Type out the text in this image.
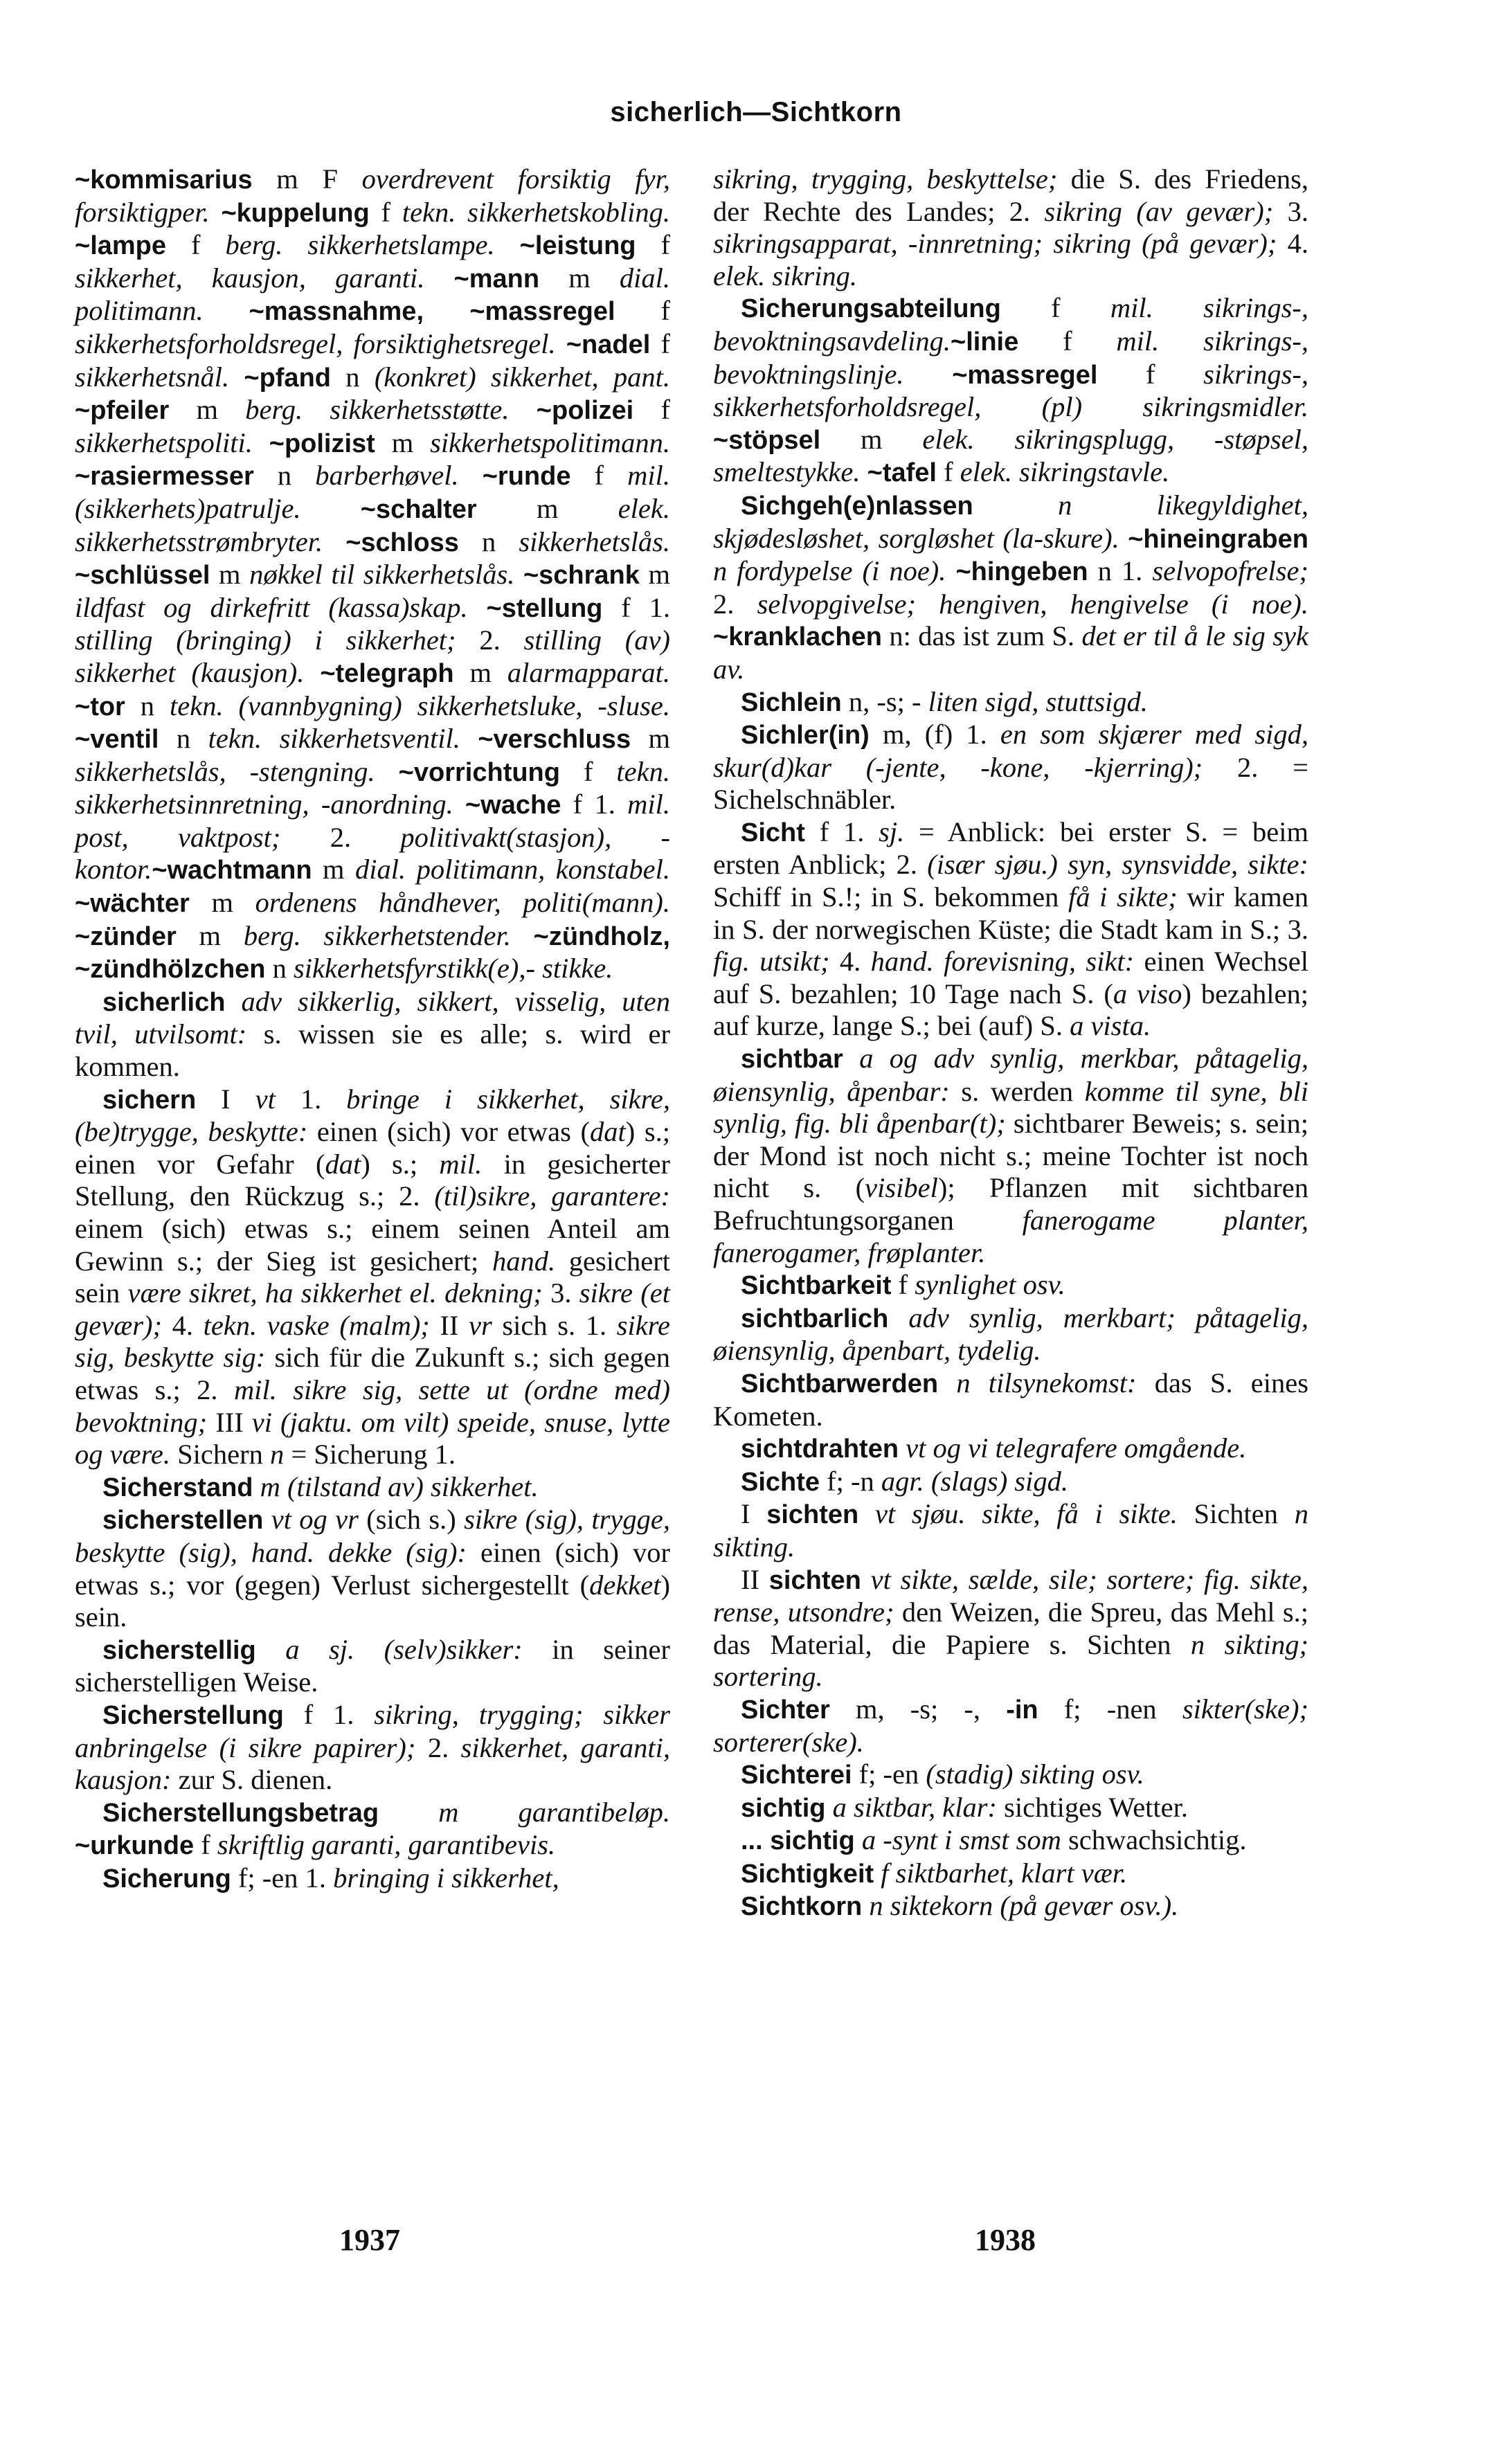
sicherlich—Sichtkorn

~kommisarius m F overdrevent forsiktig fyr, forsiktigper. ~kuppelung f tekn. sikkerhetskobling. ~lampe f berg. sikkerhetslampe. ~leistung f sikkerhet, kausjon, garanti. ~mann m dial. politimann. ~massnahme, ~massregel f sikkerhetsforholdsregel, forsiktighetsregel. ~nadel f sikkerhetsnål. ~pfand n (konkret) sikkerhet, pant. ~pfeiler m berg. sikkerhetsstøtte. ~polizei f sikkerhetspoliti. ~polizist m sikkerhetspolitimann. ~rasiermesser n barberhøvel. ~runde f mil. (sikkerhets)patrulje. ~schalter m elek. sikkerhetsstrømbryter. ~schloss n sikkerhetslås. ~schlüssel m nøkkel til sikkerhetslås. ~schrank m ildfast og dirkefritt (kassa)skap. ~stellung f 1. stilling (bringing) i sikkerhet; 2. stilling (av) sikkerhet (kausjon). ~telegraph m alarmapparat. ~tor n tekn. (vannbygning) sikkerhetsluke, -sluse. ~ventil n tekn. sikkerhetsventil. ~verschluss m sikkerhetslås, -stengning. ~vorrichtung f tekn. sikkerhetsinnretning, -anordning. ~wache f 1. mil. post, vaktpost; 2. politivakt(stasjon), -kontor.~wachtmann m dial. politimann, konstabel. ~wächter m ordenens håndhever, politi(mann). ~zünder m berg. sikkerhetstender. ~zündholz, ~zündhölzchen n sikkerhetsfyrstikk(e),- stikke.

sicherlich adv sikkerlig, sikkert, visselig, uten tvil, utvilsomt: s. wissen sie es alle; s. wird er kommen.

sichern I vt 1. bringe i sikkerhet, sikre, (be)trygge, beskytte: einen (sich) vor etwas (dat) s.; einen vor Gefahr (dat) s.; mil. in gesicherter Stellung, den Rückzug s.; 2. (til)sikre, garantere: einem (sich) etwas s.; einem seinen Anteil am Gewinn s.; der Sieg ist gesichert; hand. gesichert sein være sikret, ha sikkerhet el. dekning; 3. sikre (et gevær); 4. tekn. vaske (malm); II vr sich s. 1. sikre sig, beskytte sig: sich für die Zukunft s.; sich gegen etwas s.; 2. mil. sikre sig, sette ut (ordne med) bevoktning; III vi (jaktu. om vilt) speide, snuse, lytte og være. Sichern n = Sicherung 1.

Sicherstand m (tilstand av) sikkerhet.

sicherstellen vt og vr (sich s.) sikre (sig), trygge, beskytte (sig), hand. dekke (sig): einen (sich) vor etwas s.; vor (gegen) Verlust sichergestellt (dekket) sein.

sicherstellig a sj. (selv)sikker: in seiner sicherstelligen Weise.

Sicherstellung f 1. sikring, trygging; sikker anbringelse (i sikre papirer); 2. sikkerhet, garanti, kausjon: zur S. dienen.

Sicherstellungsbetrag m garantibeløp. ~urkunde f skriftlig garanti, garantibevis.

Sicherung f; -en 1. bringing i sikkerhet,

sikring, trygging, beskyttelse; die S. des Friedens, der Rechte des Landes; 2. sikring (av gevær); 3. sikringsapparat, -innretning; sikring (på gevær); 4. elek. sikring.

Sicherungsabteilung f mil. sikrings-, bevoktningsavdeling.~linie f mil. sikrings-, bevoktningslinje. ~massregel f sikrings-, sikkerhetsforholdsregel, (pl) sikringsmidler. ~stöpsel m elek. sikringsplugg, -støpsel, smeltestykke. ~tafel f elek. sikringstavle.

Sichgeh(e)nlassen	n likegyldighet, skjødesløshet, sorgløshet (la-skure). ~hineingraben n fordypelse (i noe). ~hingeben n 1. selvopofrelse; 2. selvopgivelse; hengiven, hengivelse (i noe). ~kranklachen n: das ist zum S. det er til å le sig syk av.

Sichlein n, -s; - liten sigd, stuttsigd.

Sichler(in) m, (f) 1. en som skjærer med sigd, skur(d)kar (-jente, -kone, -kjerring); 2. = Sichelschnäbler.

Sicht f 1. sj. = Anblick: bei erster S. = beim ersten Anblick; 2. (især sjøu.) syn, synsvidde, sikte: Schiff in S.!; in S. bekommen få i sikte; wir kamen in S. der norwegischen Küste; die Stadt kam in S.; 3. fig. utsikt; 4. hand. forevisning, sikt: einen Wechsel auf S. bezahlen; 10 Tage nach S. (a viso) bezahlen; auf kurze, lange S.; bei (auf) S. a vista.

sichtbar a og adv synlig, merkbar, påtagelig, øiensynlig, åpenbar: s. werden komme til syne, bli synlig, fig. bli åpenbar(t); sichtbarer Beweis; s. sein; der Mond ist noch nicht s.; meine Tochter ist noch nicht s. (visibel); Pflanzen mit sichtbaren Befruchtungsorganen fanerogame planter, fanerogamer, frøplanter.

Sichtbarkeit f synlighet osv.

sichtbarlich adv synlig, merkbart; påtagelig, øiensynlig, åpenbart, tydelig.

Sichtbarwerden n tilsynekomst: das S. eines Kometen.

sichtdrahten vt og vi telegrafere omgående.

Sichte f; -n agr. (slags) sigd.

I sichten vt sjøu. sikte, få i sikte. Sichten n sikting.

II sichten vt sikte, sælde, sile; sortere; fig. sikte, rense, utsondre; den Weizen, die Spreu, das Mehl s.; das Material, die Papiere s. Sichten n sikting; sortering.

Sichter m, -s; -, -in f; -nen sikter(ske); sorterer(ske).

Sichterei f; -en (stadig) sikting osv.

sichtig a siktbar, klar: sichtiges Wetter.

... sichtig a -synt i smst som schwachsichtig.

Sichtigkeit f siktbarhet, klart vær.

Sichtkorn n siktekorn (på gevær osv.).

1937	1938
